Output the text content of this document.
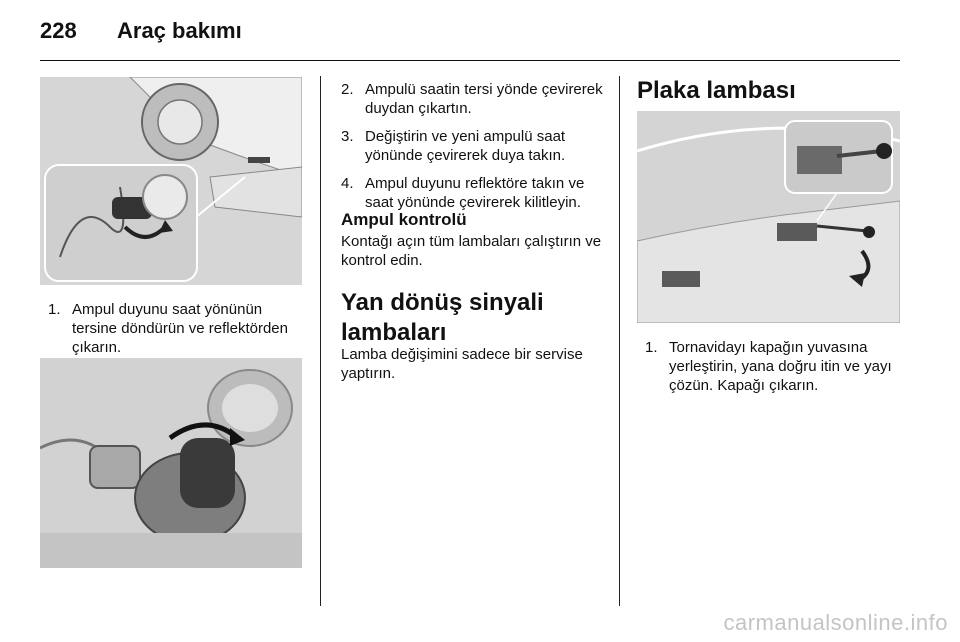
228 Araç bakımı
1. Ampul duyunu saat yönünün tersine döndürün ve reflektörden çıkarın.
2. Ampulü saatin tersi yönde çevirerek duydan çıkartın.
3. Değiştirin ve yeni ampulü saat yönünde çevirerek duya takın.
4. Ampul duyunu reflektöre takın ve saat yönünde çevirerek kilitleyin.
Ampul kontrolü

Kontağı açın tüm lambaları çalıştırın ve kontrol edin.

Yan dönüş sinyali lambaları

Lamba değişimini sadece bir servise yaptırın.

Plaka lambası
1. Tornavidayı kapağın yuvasına yerleştirin, yana doğru itin ve yayı çözün. Kapağı çıkarın.
carmanualsonline.info
